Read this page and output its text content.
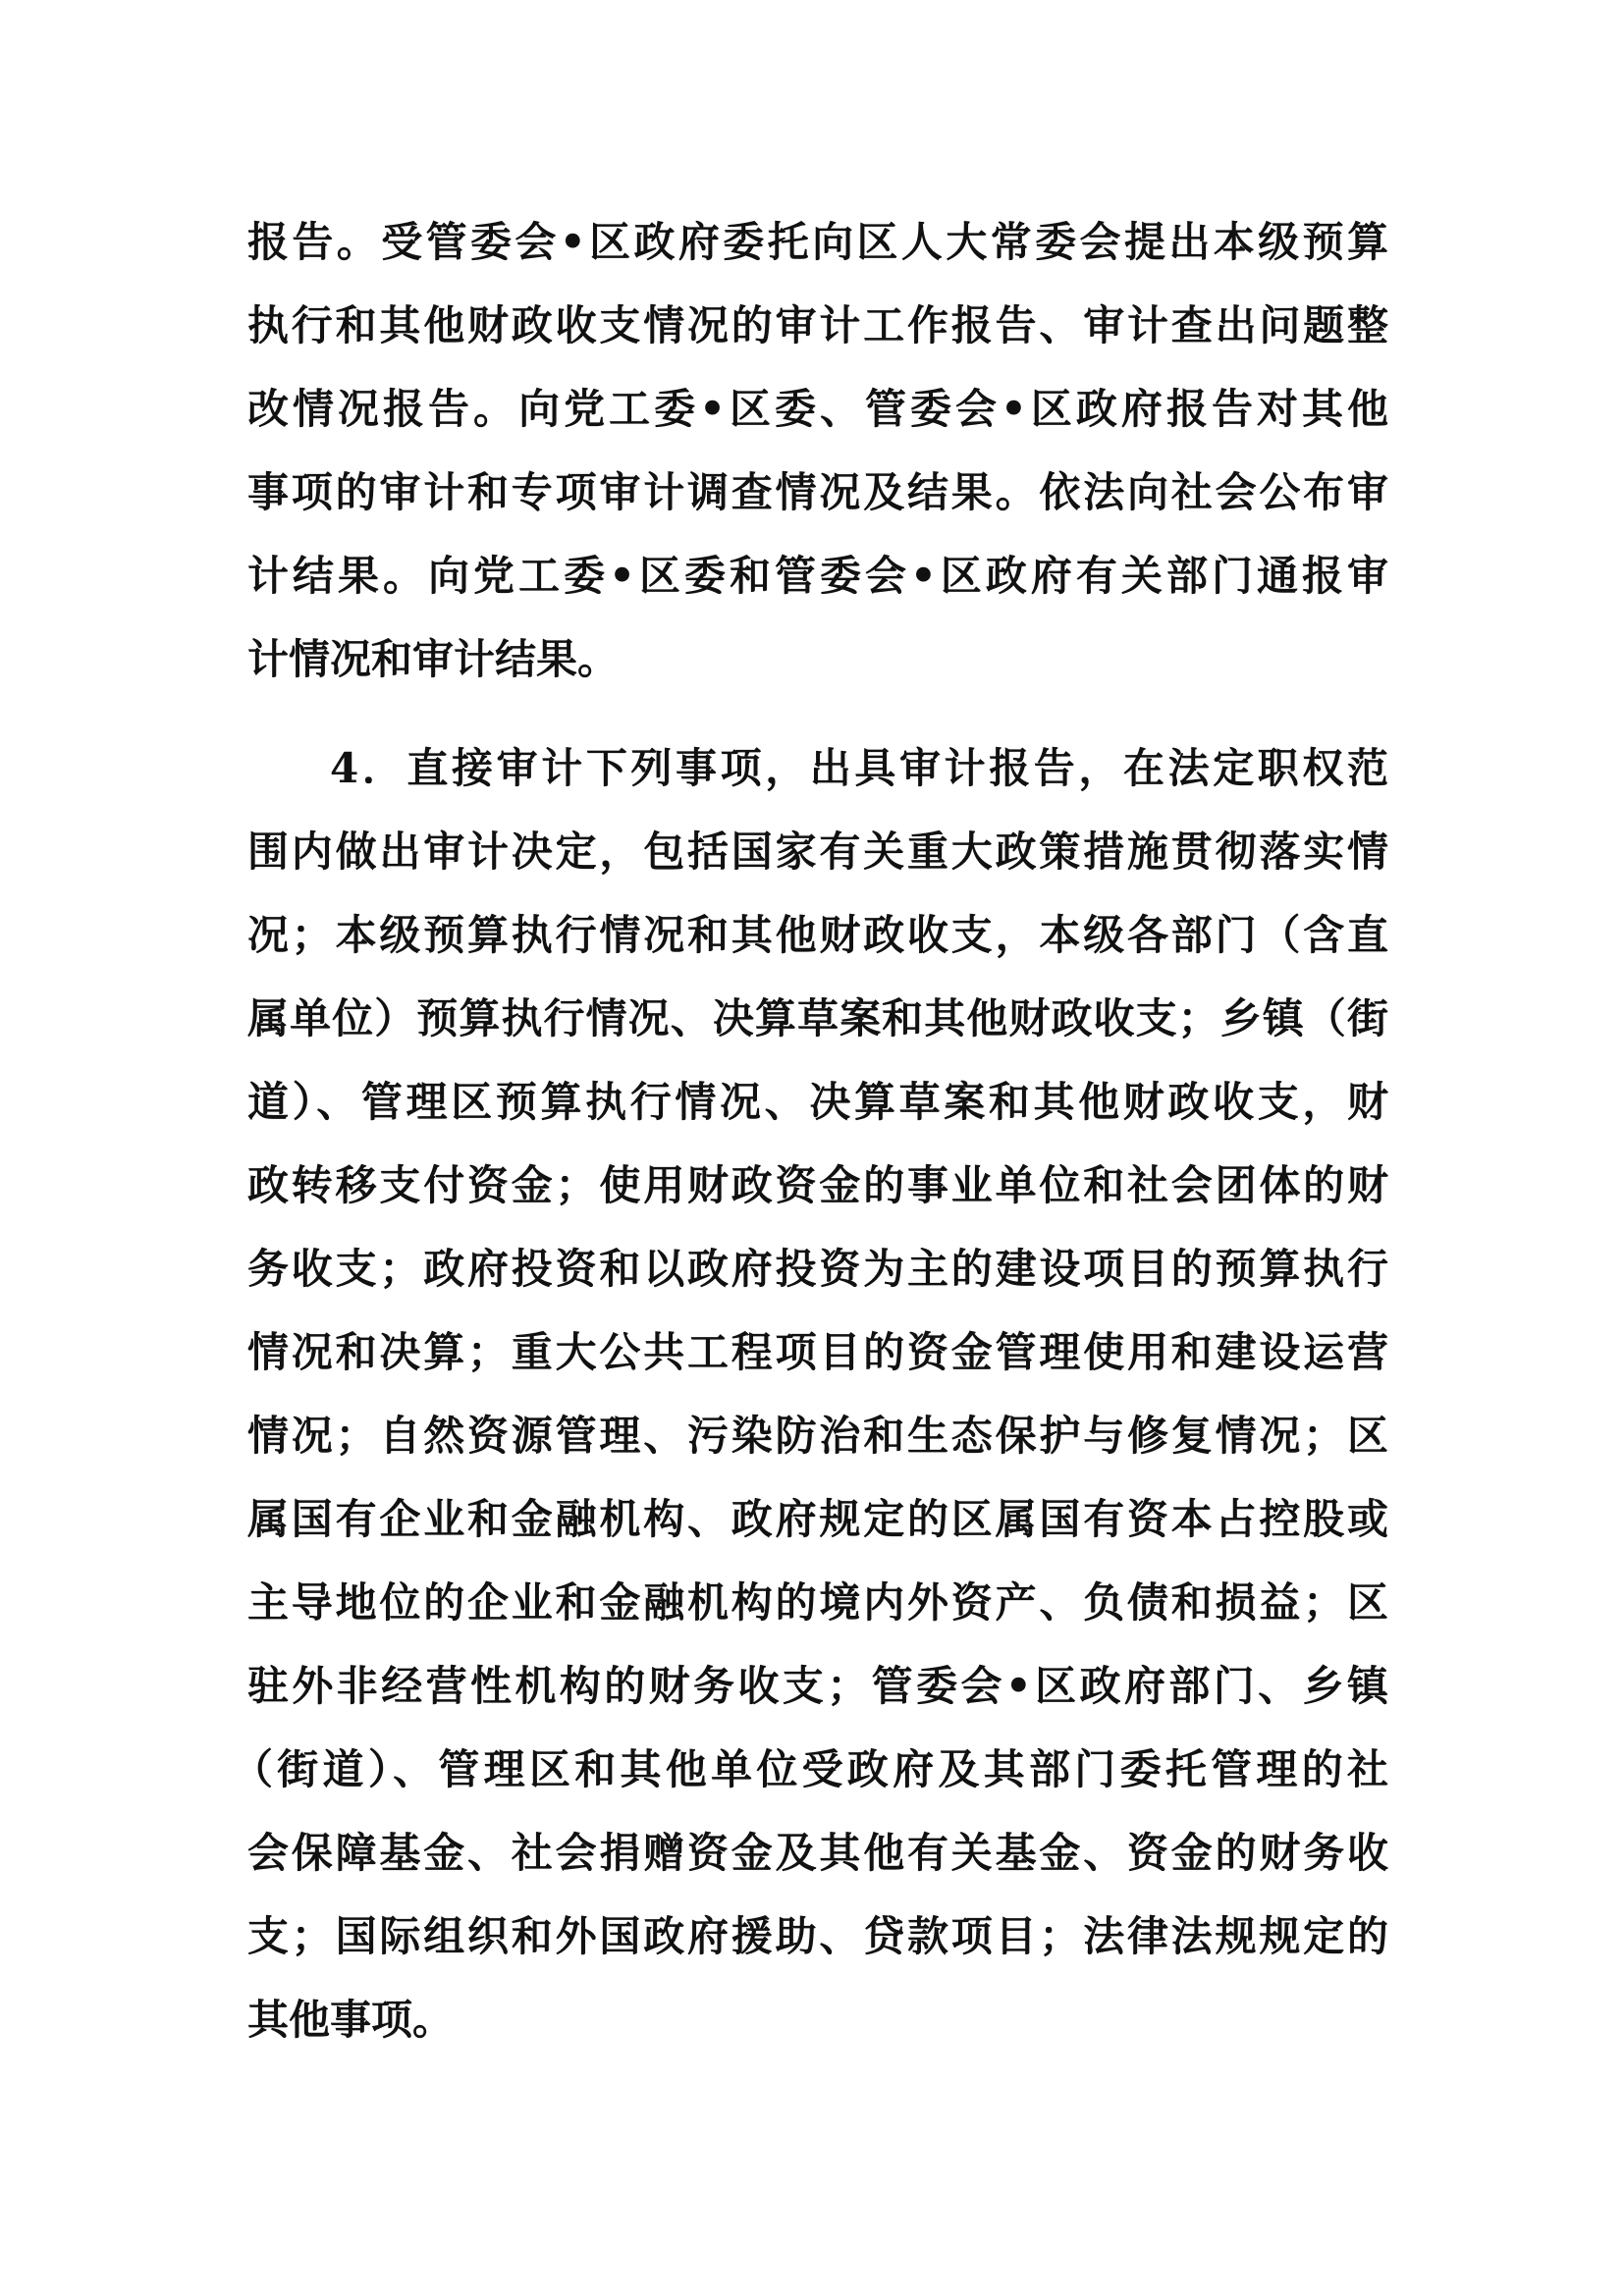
报告。受管委会•区政府委托向区人大常委会提出本级预算
执行和其他财政收支情况的审计工作报告、审计查出问题整
改情况报告。向党工委•区委、管委会•区政府报告对其他
事项的审计和专项审计调查情况及结果。依法向社会公布审
计结果。向党工委•区委和管委会•区政府有关部门通报审
计情况和审计结果。
4．直接审计下列事项，出具审计报告，在法定职权范
围内做出审计决定，包括国家有关重大政策措施贯彻落实情
况；本级预算执行情况和其他财政收支，本级各部门（含直
属单位）预算执行情况、决算草案和其他财政收支；乡镇（街
道）、管理区预算执行情况、决算草案和其他财政收支，财
政转移支付资金；使用财政资金的事业单位和社会团体的财
务收支；政府投资和以政府投资为主的建设项目的预算执行
情况和决算；重大公共工程项目的资金管理使用和建设运营
情况；自然资源管理、污染防治和生态保护与修复情况；区
属国有企业和金融机构、政府规定的区属国有资本占控股或
主导地位的企业和金融机构的境内外资产、负债和损益；区
驻外非经营性机构的财务收支；管委会•区政府部门、乡镇
（街道）、管理区和其他单位受政府及其部门委托管理的社
会保障基金、社会捐赠资金及其他有关基金、资金的财务收
支；国际组织和外国政府援助、贷款项目；法律法规规定的
其他事项。
